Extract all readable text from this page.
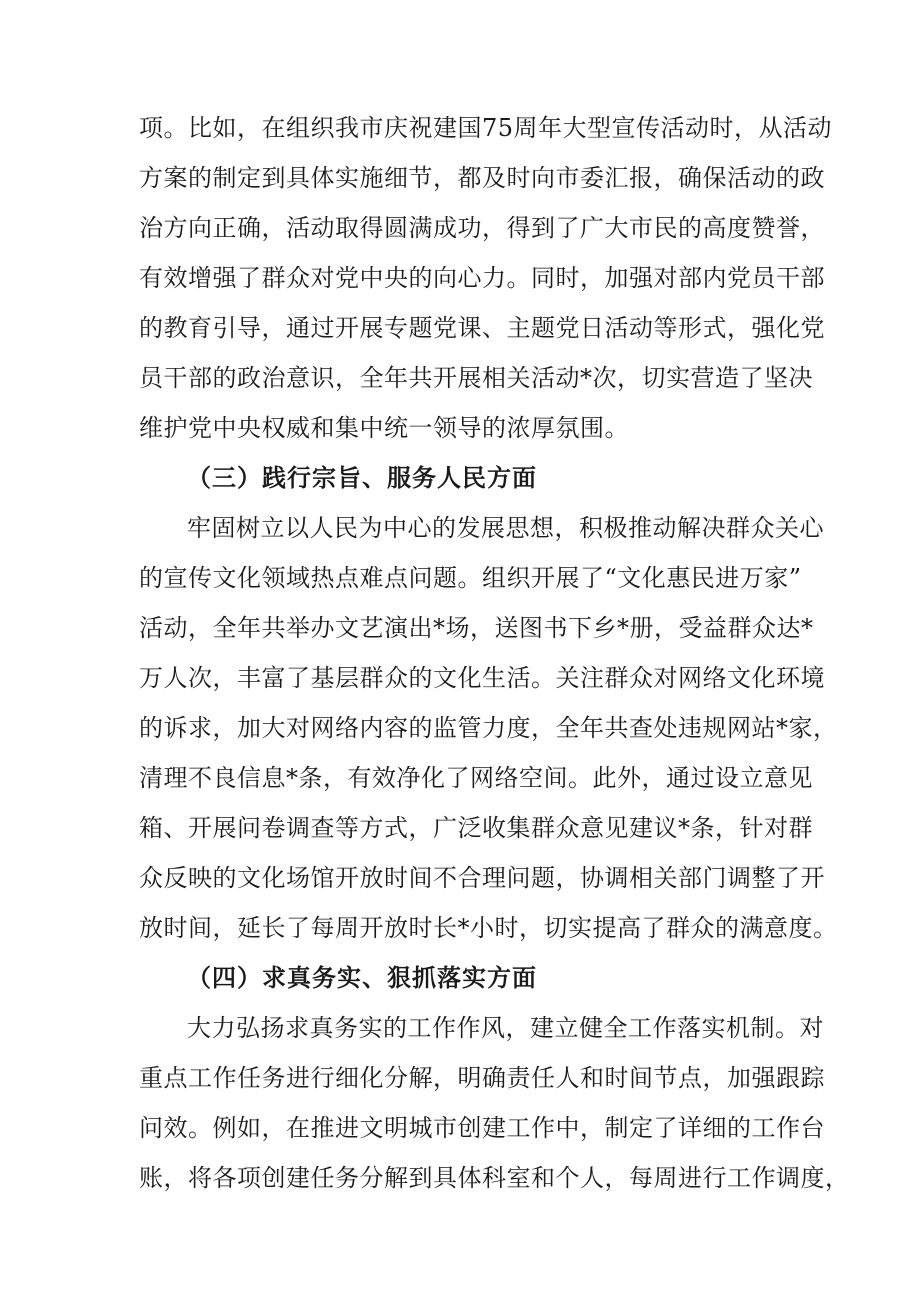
项。比如，在组织我市庆祝建国75周年大型宣传活动时，从活动
方案的制定到具体实施细节，都及时向市委汇报，确保活动的政
治方向正确，活动取得圆满成功，得到了广大市民的高度赞誉，
有效增强了群众对党中央的向心力。同时，加强对部内党员干部
的教育引导，通过开展专题党课、主题党日活动等形式，强化党
员干部的政治意识，全年共开展相关活动*次，切实营造了坚决
维护党中央权威和集中统一领导的浓厚氛围。
（三）践行宗旨、服务人民方面
牢固树立以人民为中心的发展思想，积极推动解决群众关心
的宣传文化领域热点难点问题。组织开展了“文化惠民进万家”
活动，全年共举办文艺演出*场，送图书下乡*册，受益群众达*
万人次，丰富了基层群众的文化生活。关注群众对网络文化环境
的诉求，加大对网络内容的监管力度，全年共查处违规网站*家，
清理不良信息*条，有效净化了网络空间。此外，通过设立意见
箱、开展问卷调查等方式，广泛收集群众意见建议*条，针对群
众反映的文化场馆开放时间不合理问题，协调相关部门调整了开
放时间，延长了每周开放时长*小时，切实提高了群众的满意度。
（四）求真务实、狠抓落实方面
大力弘扬求真务实的工作作风，建立健全工作落实机制。对
重点工作任务进行细化分解，明确责任人和时间节点，加强跟踪
问效。例如，在推进文明城市创建工作中，制定了详细的工作台
账，将各项创建任务分解到具体科室和个人，每周进行工作调度，
